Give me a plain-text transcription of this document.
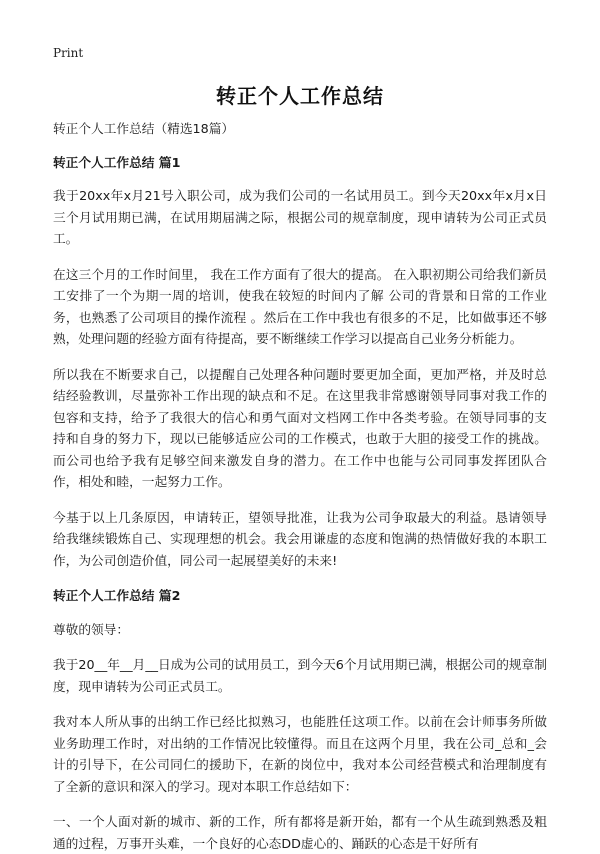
Print
转正个人工作总结

转正个人工作总结（精选18篇）

转正个人工作总结 篇1

我于20xx年x月21号入职公司，成为我们公司的一名试用员工。到今天20xx年x月x日三个月试用期已满，在试用期届满之际，根据公司的规章制度，现申请转为公司正式员工。

在这三个月的工作时间里， 我在工作方面有了很大的提高。 在入职初期公司给我们新员工安排了一个为期一周的培训，使我在较短的时间内了解 公司的背景和日常的工作业务，也熟悉了公司项目的操作流程 。然后在工作中我也有很多的不足，比如做事还不够熟，处理问题的经验方面有待提高，要不断继续工作学习以提高自己业务分析能力。

所以我在不断要求自己，以提醒自己处理各种问题时要更加全面，更加严格，并及时总结经验教训，尽量弥补工作出现的缺点和不足。在这里我非常感谢领导同事对我工作的包容和支持，给予了我很大的信心和勇气面对文档网工作中各类考验。在领导同事的支持和自身的努力下，现以已能够适应公司的工作模式，也敢于大胆的接受工作的挑战。而公司也给予我有足够空间来激发自身的潜力。在工作中也能与公司同事发挥团队合作，相处和睦，一起努力工作。

今基于以上几条原因，申请转正，望领导批准，让我为公司争取最大的利益。恳请领导给我继续锻炼自己、实现理想的机会。我会用谦虚的态度和饱满的热情做好我的本职工作，为公司创造价值，同公司一起展望美好的未来!

转正个人工作总结 篇2

尊敬的领导：

我于20__年__月__日成为公司的试用员工，到今天6个月试用期已满，根据公司的规章制度，现申请转为公司正式员工。

我对本人所从事的出纳工作已经比拟熟习，也能胜任这项工作。以前在会计师事务所做业务助理工作时，对出纳的工作情况比较懂得。而且在这两个月里，我在公司_总和_会计的引导下，在公司同仁的援助下，在新的岗位中，我对本公司经营模式和治理制度有了全新的意识和深入的学习。现对本职工作总结如下：

一、一个人面对新的城市、新的工作，所有都将是新开始，都有一个从生疏到熟悉及粗通的过程，万事开头难，一个良好的心态DD虚心的、踊跃的心态是干好所有
